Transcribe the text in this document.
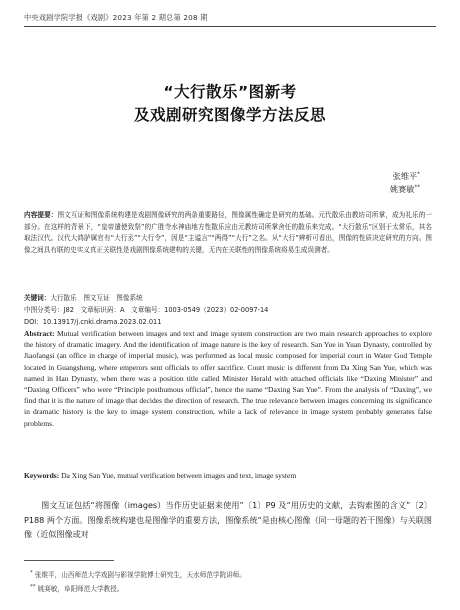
中央戏剧学院学报《戏剧》2023 年第 2 期总第 208 期
“大行散乐”图新考
及戏剧研究图像学方法反思
张维平*
姚赛敏**
内容提要：图文互证和图像系统构建是戏剧图像研究的两条重要路径，图像属性确定是研究的基础。元代散乐由教坊司所掌，成为礼乐的一部分。在这样的背景下，“皇帝遣使致祭”的广胜寺水神庙地方性散乐应由元教坊司所掌舍任的散乐来完成。“大行散乐”区别于太常乐，其名取法汉代。汉代大鸿胪属官有“大行丞”“大行令”，因是“主谥言”“两得”“大行”之名。从“大行”辨析可看出，图像的性质决定研究的方向。图像之间具有联的史实义真正关联性是戏剧图像系统建构的关键，无内在关联性的图像系统将易生成误测者。
关键词：大行散乐　图文互证　图像系统
中图分类号：J82　文章标识码：A　文章编号：1003-0549（2023）02-0097-14
DOI：10.13917/j.cnki.drama.2023.02.011
Abstract: Mutual verification between images and text and image system construction are two main research approaches to explore the history of dramatic imagery. And the identification of image nature is the key of research. San Yue in Yuan Dynasty, controlled by Jiaofangsi (an office in charge of imperial music), was performed as local music composed for imperial court in Water God Temple located in Guangsheng, where emperors sent officials to offer sacrifice. Court music is different from Da Xing San Yue, which was named in Han Dynasty, when there was a position title called Minister Herald with attached officials like “Daxing Minister” and “Daxing Officers” who were “Principle posthumous official”, hence the name “Daxing San Yue”. From the analysis of “Daxing”, we find that it is the nature of image that decides the direction of research. The true relevance between images concerning its significance in dramatic history is the key to image system construction, while a lack of relevance in image system probably generates false problems.
Keywords: Da Xing San Yue, mutual verification between images and text, image system
图文互证包括“将图像（images）当作历史证据来使用”〔1〕P9 及“用历史的文献，去钩索图的含义”〔2〕P188 两个方面。图像系统构建也是图像学的重要方法，图像系统“是由核心图像（同一母题的若干图像）与关联图像（近似图像或对
* 张维平，山西师范大学戏剧与影视学院博士研究生，天水师范学院讲师。
** 姚赛敏，阜阳师范大学教授。
